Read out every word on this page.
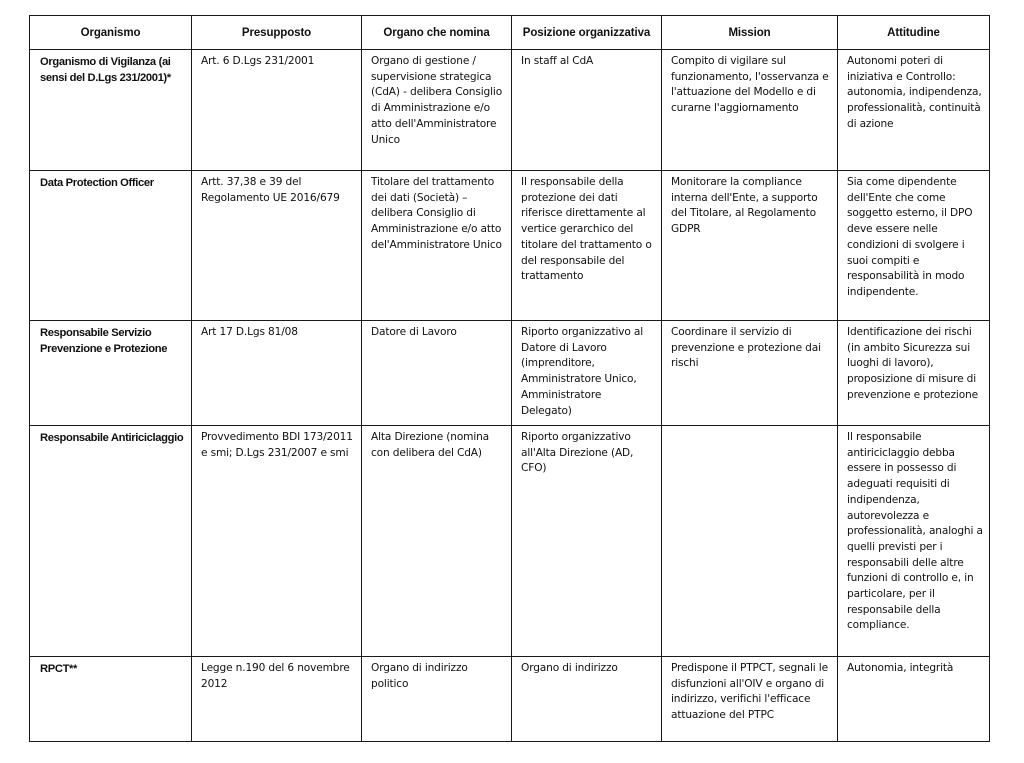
Organismo	Presupposto	Organo che nomina	Posizione organizzativa	Mission	Attitudine

Organismo di Vigilanza (ai sensi del D.Lgs 231/2001)*	Art. 6 D.Lgs 231/2001	Organo di gestione / supervisione strategica (CdA) - delibera Consiglio di Amministrazione e/o atto dell'Amministratore Unico	In staff al CdA	Compito di vigilare sul funzionamento, l'osservanza e l'attuazione del Modello e di curarne l'aggiornamento	Autonomi poteri di iniziativa e Controllo: autonomia, indipendenza, professionalità, continuità di azione

Data Protection Officer	Artt. 37,38 e 39 del Regolamento UE 2016/679	Titolare del trattamento dei dati (Società) – delibera Consiglio di Amministrazione e/o atto del'Amministratore Unico	Il responsabile della protezione dei dati riferisce direttamente al vertice gerarchico del titolare del trattamento o del responsabile del trattamento	Monitorare la compliance interna dell'Ente, a supporto del Titolare, al Regolamento GDPR	Sia come dipendente dell'Ente che come soggetto esterno, il DPO deve essere nelle condizioni di svolgere i suoi compiti e responsabilità in modo indipendente.

Responsabile Servizio Prevenzione e Protezione	Art 17 D.Lgs 81/08	Datore di Lavoro	Riporto organizzativo al Datore di Lavoro (imprenditore, Amministratore Unico, Amministratore Delegato)	Coordinare il servizio di prevenzione e protezione dai rischi	Identificazione dei rischi (in ambito Sicurezza sui luoghi di lavoro), proposizione di misure di prevenzione e protezione

Responsabile Antiriciclaggio	Provvedimento BDI 173/2011 e smi; D.Lgs 231/2007 e smi	Alta Direzione (nomina con delibera del CdA)	Riporto organizzativo all'Alta Direzione (AD, CFO)		Il responsabile antiriciclaggio debba essere in possesso di adeguati requisiti di indipendenza, autorevolezza e professionalità, analoghi a quelli previsti per i responsabili delle altre funzioni di controllo e, in particolare, per il responsabile della compliance.

RPCT**	Legge n.190 del 6 novembre 2012	Organo di indirizzo politico	Organo di indirizzo	Predispone il PTPCT, segnali le disfunzioni all'OIV e organo di indirizzo, verifichi l'efficace attuazione del PTPC	Autonomia, integrità
